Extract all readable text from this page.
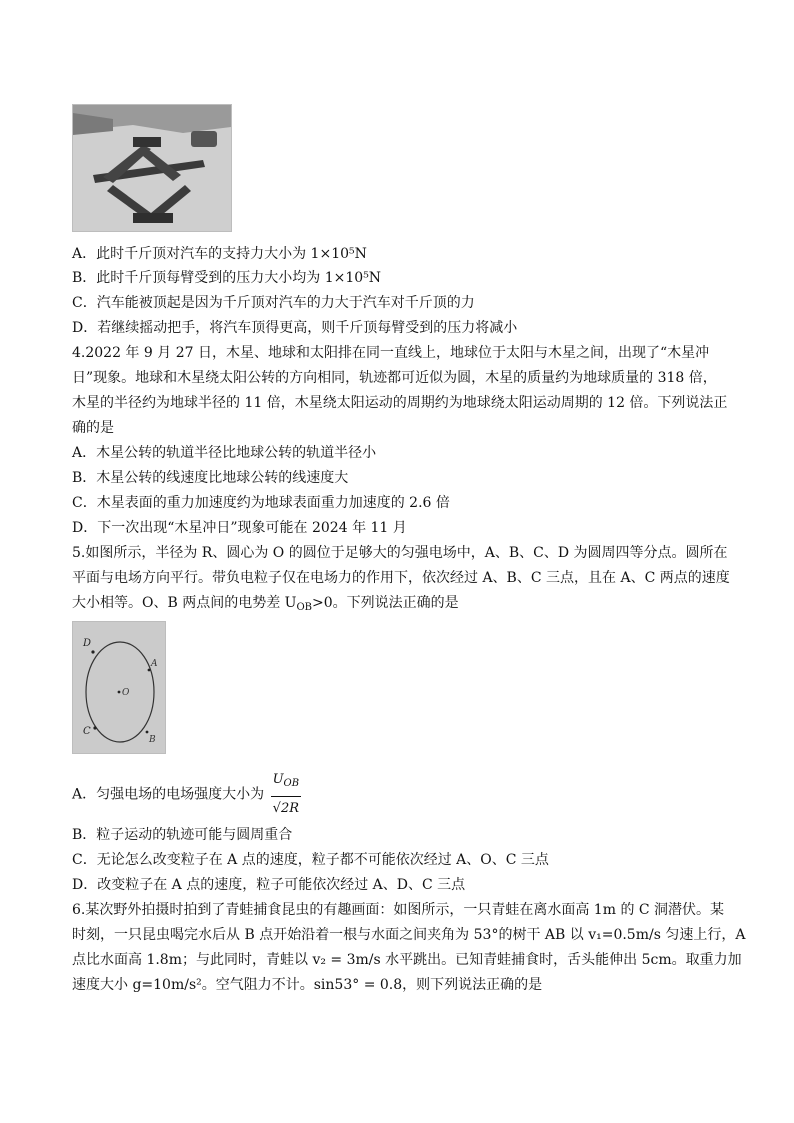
A．此时千斤顶对汽车的支持力大小为 1×10⁵N
B．此时千斤顶每臂受到的压力大小均为 1×10⁵N
C．汽车能被顶起是因为千斤顶对汽车的力大于汽车对千斤顶的力
D．若继续摇动把手，将汽车顶得更高，则千斤顶每臂受到的压力将减小
4.2022 年 9 月 27 日，木星、地球和太阳排在同一直线上，地球位于太阳与木星之间，出现了“木星冲
日”现象。地球和木星绕太阳公转的方向相同，轨迹都可近似为圆，木星的质量约为地球质量的 318 倍，
木星的半径约为地球半径的 11 倍，木星绕太阳运动的周期约为地球绕太阳运动周期的 12 倍。下列说法正
确的是
A．木星公转的轨道半径比地球公转的轨道半径小
B．木星公转的线速度比地球公转的线速度大
C．木星表面的重力加速度约为地球表面重力加速度的 2.6 倍
D．下一次出现“木星冲日”现象可能在 2024 年 11 月
5.如图所示，半径为 R、圆心为 O 的圆位于足够大的匀强电场中，A、B、C、D 为圆周四等分点。圆所在
平面与电场方向平行。带负电粒子仅在电场力的作用下，依次经过 A、B、C 三点，且在 A、C 两点的速度
大小相等。O、B 两点间的电势差 $U_{OB}>0$。下列说法正确的是
D
A
O
C
B
A．匀强电场的电场强度大小为 $\frac{U_{OB}}{√2R}$
B．粒子运动的轨迹可能与圆周重合
C．无论怎么改变粒子在 A 点的速度，粒子都不可能依次经过 A、O、C 三点
D．改变粒子在 A 点的速度，粒子可能依次经过 A、D、C 三点
6.某次野外拍摄时拍到了青蛙捕食昆虫的有趣画面：如图所示，一只青蛙在离水面高 1m 的 C 洞潜伏。某
时刻，一只昆虫喝完水后从 B 点开始沿着一根与水面之间夹角为 53°的树干 AB 以 v₁=0.5m/s 匀速上行，A
点比水面高 1.8m；与此同时，青蛙以 v₂ = 3m/s 水平跳出。已知青蛙捕食时，舌头能伸出 5cm。取重力加
速度大小 g=10m/s²。空气阻力不计。sin53° = 0.8，则下列说法正确的是
